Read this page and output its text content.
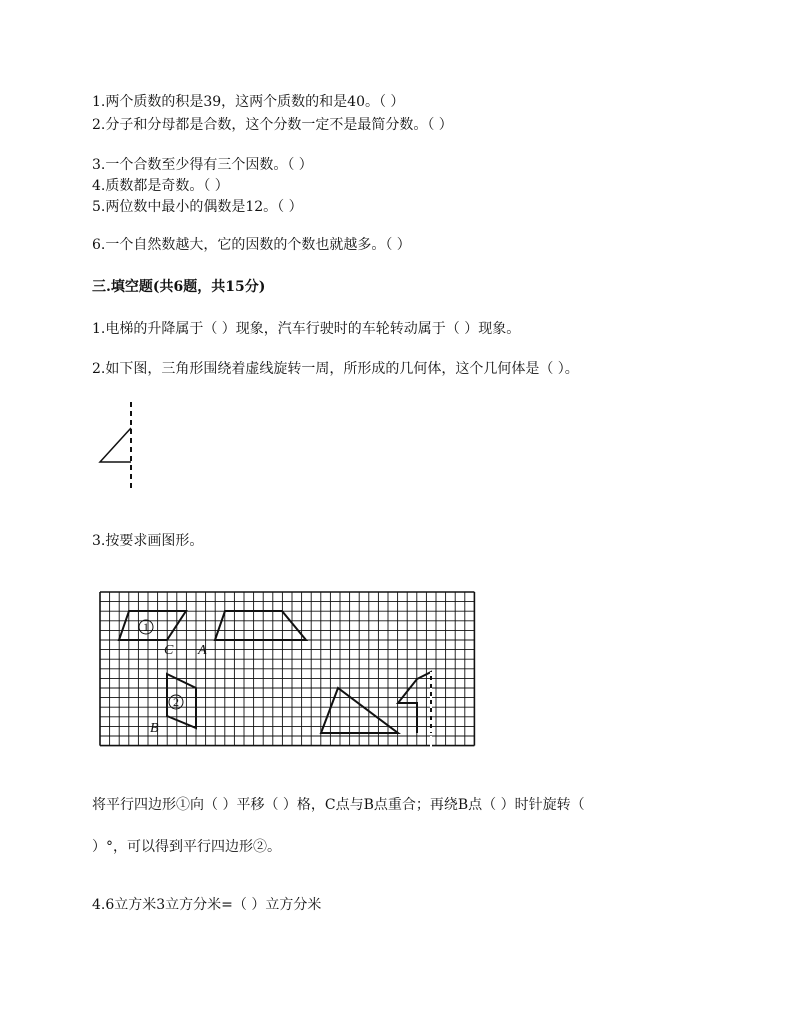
1.两个质数的积是39，这两个质数的和是40。（ ）
2.分子和分母都是合数，这个分数一定不是最简分数。（ ）
3.一个合数至少得有三个因数。（ ）
4.质数都是奇数。（ ）
5.两位数中最小的偶数是12。（ ）
6.一个自然数越大，它的因数的个数也就越多。（ ）
三.填空题(共6题，共15分)
1.电梯的升降属于（ ）现象，汽车行驶时的车轮转动属于（ ）现象。
2.如下图，三角形围绕着虚线旋转一周，所形成的几何体，这个几何体是（ ）。
3.按要求画图形。
1
C A
2
B
将平行四边形①向（ ）平移（ ）格，C点与B点重合；再绕B点（ ）时针旋转（
）°，可以得到平行四边形②。
4.6立方米3立方分米=（ ）立方分米
